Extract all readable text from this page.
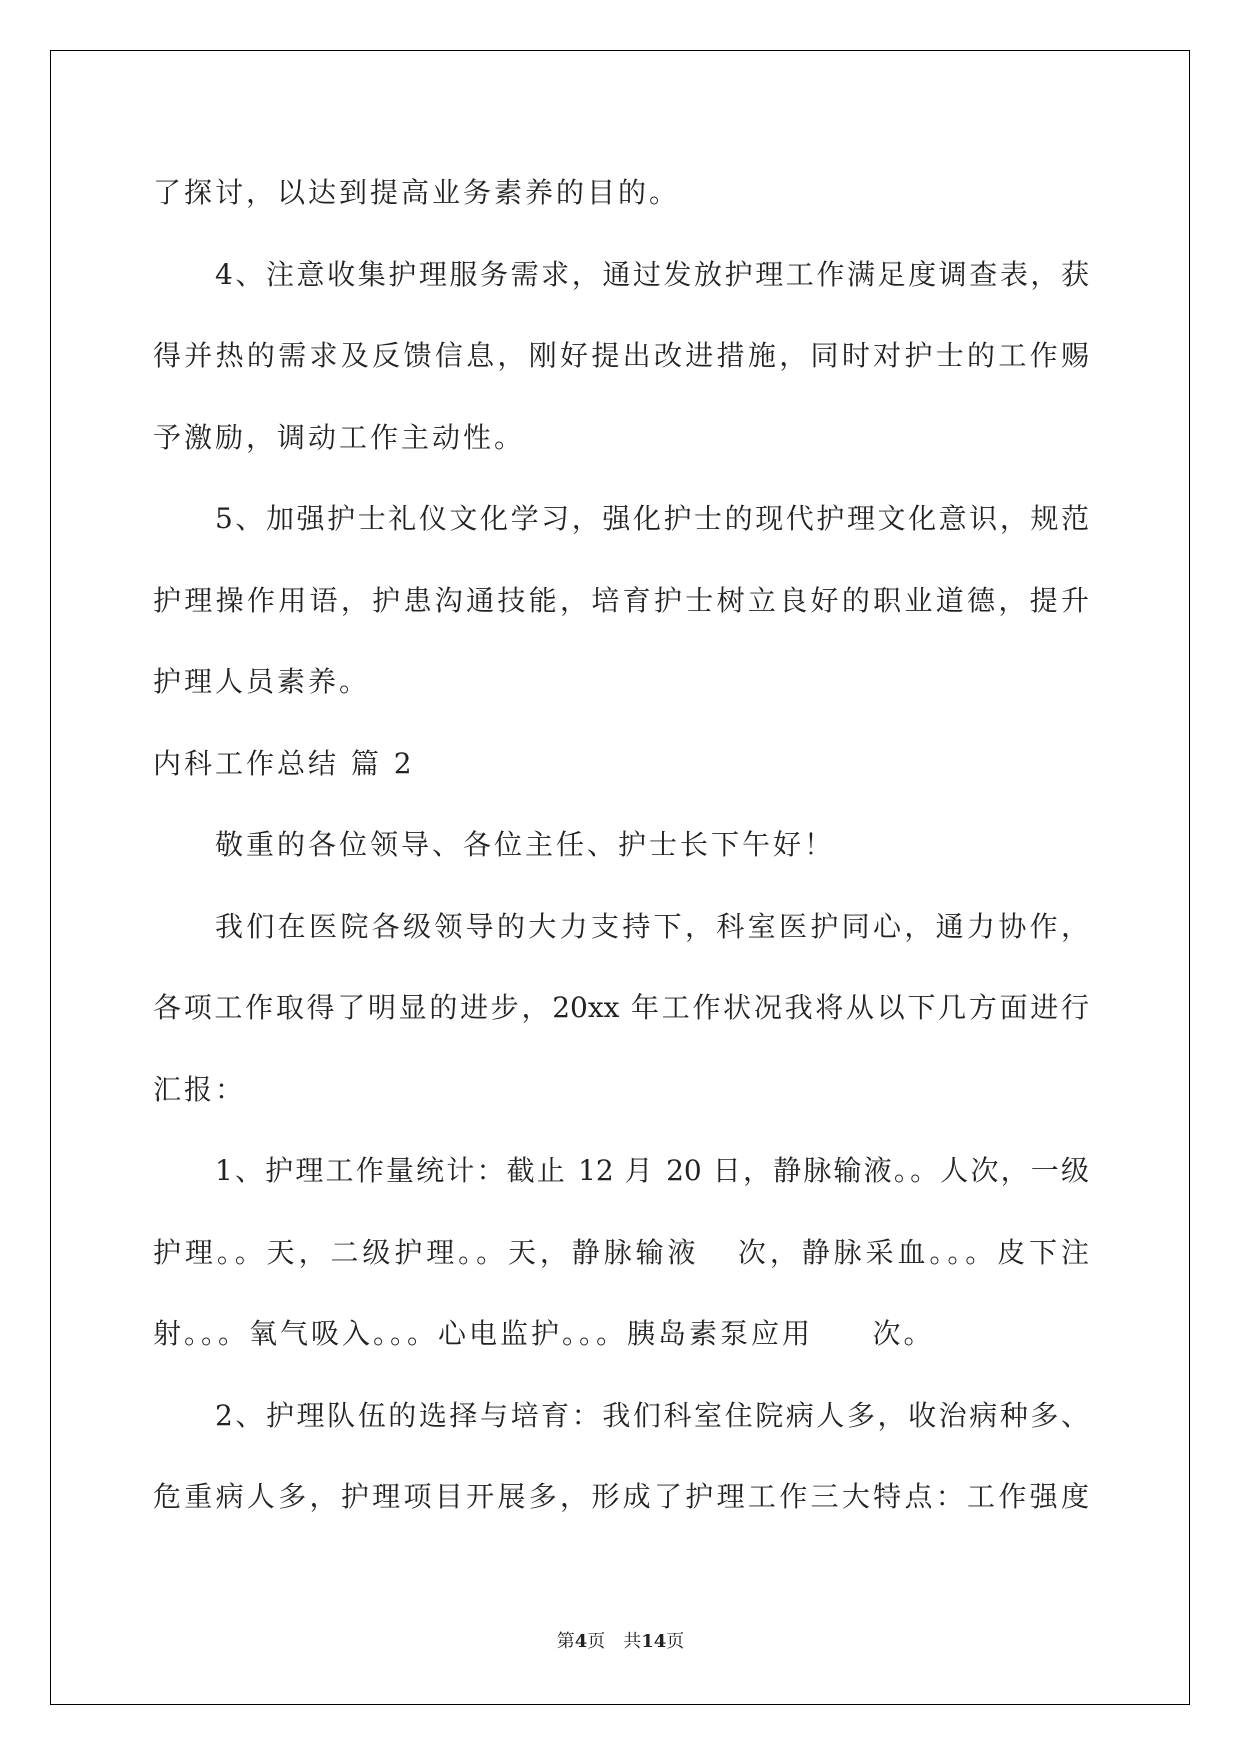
了探讨，以达到提高业务素养的目的。
4、注意收集护理服务需求，通过发放护理工作满足度调查表，获
得并热的需求及反馈信息，刚好提出改进措施，同时对护士的工作赐
予激励，调动工作主动性。
5、加强护士礼仪文化学习，强化护士的现代护理文化意识，规范
护理操作用语，护患沟通技能，培育护士树立良好的职业道德，提升
护理人员素养。
内科工作总结 篇 2
敬重的各位领导、各位主任、护士长下午好！
我们在医院各级领导的大力支持下，科室医护同心，通力协作，
各项工作取得了明显的进步，20xx 年工作状况我将从以下几方面进行
汇报：
1、护理工作量统计：截止 12 月 20 日，静脉输液。。人次，一级
护理。。天，二级护理。。天，静脉输液   次，静脉采血。。。皮下注
射。。。氧气吸入。。。心电监护。。。胰岛素泵应用     次。
2、护理队伍的选择与培育：我们科室住院病人多，收治病种多、
危重病人多，护理项目开展多，形成了护理工作三大特点：工作强度
第4页 共14页
